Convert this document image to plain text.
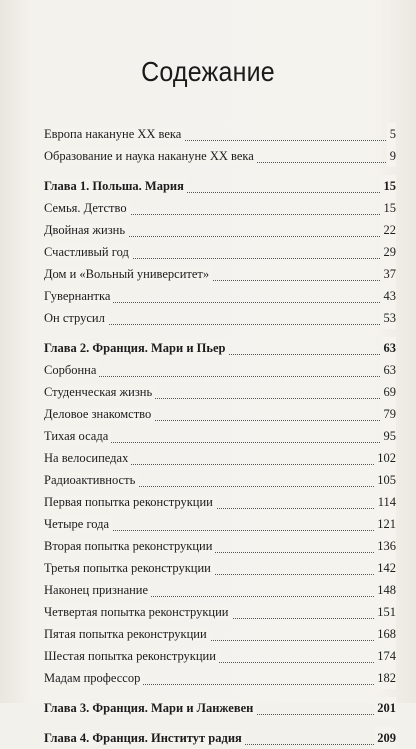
Содежание
Европа накануне XX века	5
Образование и наука накануне XX века	9
Глава 1. Польша. Мария	15
Семья. Детство	15
Двойная жизнь	22
Счастливый год	29
Дом и «Вольный университет»	37
Гувернантка	43
Он струсил	53
Глава 2. Франция. Мари и Пьер	63
Сорбонна	63
Студенческая жизнь	69
Деловое знакомство	79
Тихая осада	95
На велосипедах	102
Радиоактивность	105
Первая попытка реконструкции	114
Четыре года	121
Вторая попытка реконструкции	136
Третья попытка реконструкции	142
Наконец признание	148
Четвертая попытка реконструкции	151
Пятая попытка реконструкции	168
Шестая попытка реконструкции	174
Мадам профессор	182
Глава 3. Франция. Мари и Ланжевен	201
Глава 4. Франция. Институт радия	209
